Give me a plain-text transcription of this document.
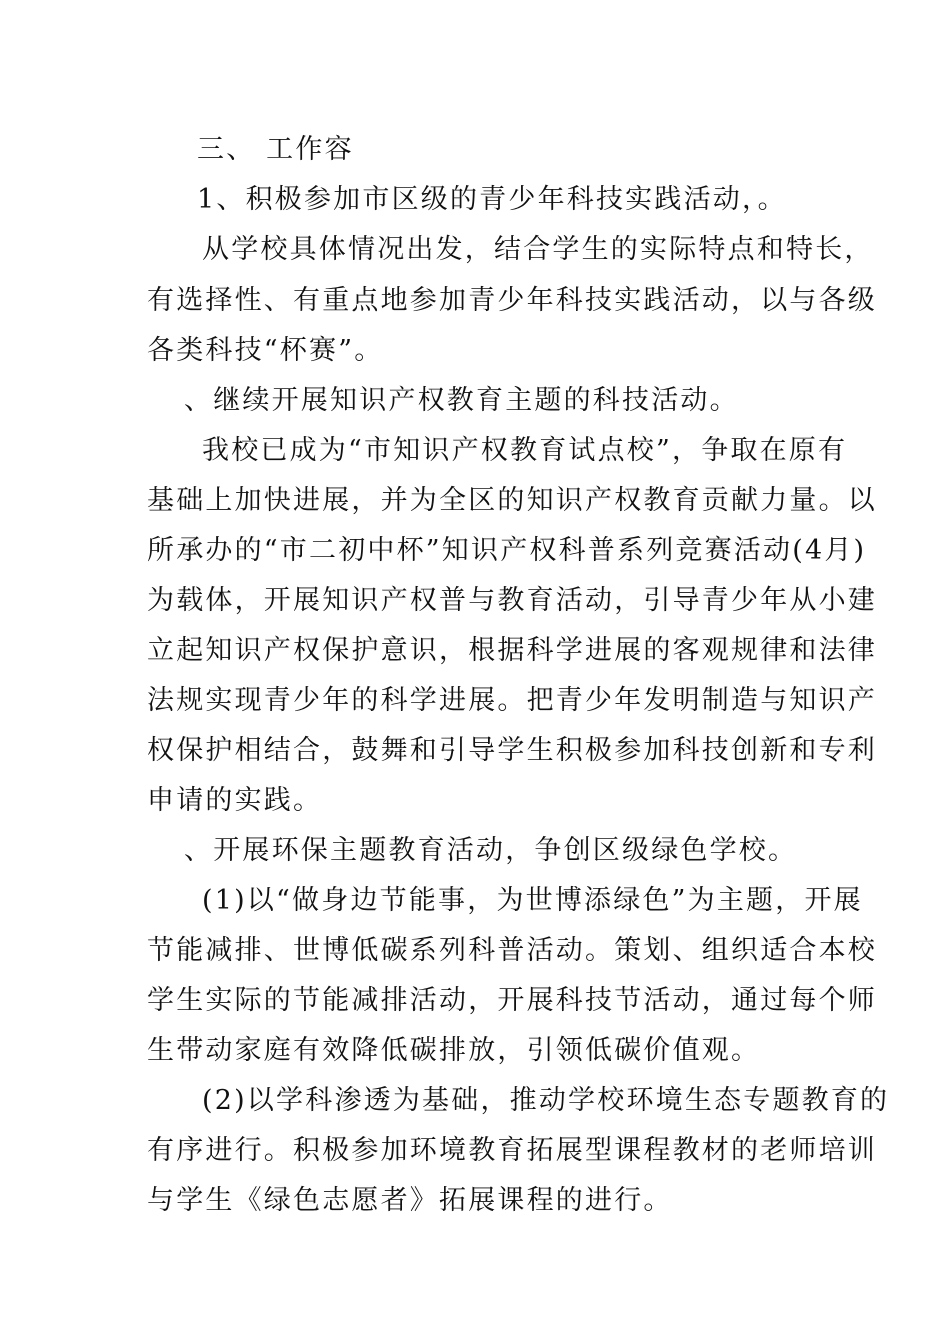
三、 工作容
1、积极参加市区级的青少年科技实践活动，。
从学校具体情况出发，结合学生的实际特点和特长，
有选择性、有重点地参加青少年科技实践活动，以与各级
各类科技“杯赛”。
、继续开展知识产权教育主题的科技活动。
我校已成为“市知识产权教育试点校”，争取在原有
基础上加快进展，并为全区的知识产权教育贡献力量。以
所承办的“市二初中杯”知识产权科普系列竞赛活动(4月)
为载体，开展知识产权普与教育活动，引导青少年从小建
立起知识产权保护意识，根据科学进展的客观规律和法律
法规实现青少年的科学进展。把青少年发明制造与知识产
权保护相结合，鼓舞和引导学生积极参加科技创新和专利
申请的实践。
、开展环保主题教育活动，争创区级绿色学校。
(1)以“做身边节能事，为世博添绿色”为主题，开展
节能减排、世博低碳系列科普活动。策划、组织适合本校
学生实际的节能减排活动，开展科技节活动，通过每个师
生带动家庭有效降低碳排放，引领低碳价值观。
(2)以学科渗透为基础，推动学校环境生态专题教育的
有序进行。积极参加环境教育拓展型课程教材的老师培训
与学生《绿色志愿者》拓展课程的进行。
